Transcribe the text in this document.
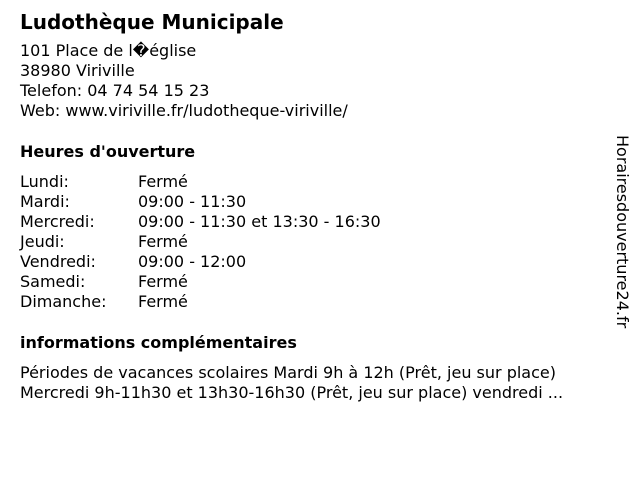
Ludothèque Municipale
101 Place de l�église
38980 Viriville
Telefon: 04 74 54 15 23
Web: www.viriville.fr/ludotheque-viriville/
Heures d'ouverture
Lundi:	Fermé
Mardi:	09:00 - 11:30
Mercredi:	09:00 - 11:30 et 13:30 - 16:30
Jeudi:	Fermé
Vendredi:	09:00 - 12:00
Samedi:	Fermé
Dimanche:	Fermé
informations complémentaires
Périodes de vacances scolaires Mardi 9h à 12h (Prêt, jeu sur place)
Mercredi 9h-11h30 et 13h30-16h30 (Prêt, jeu sur place) vendredi ...
Horairesdouverture24.fr
